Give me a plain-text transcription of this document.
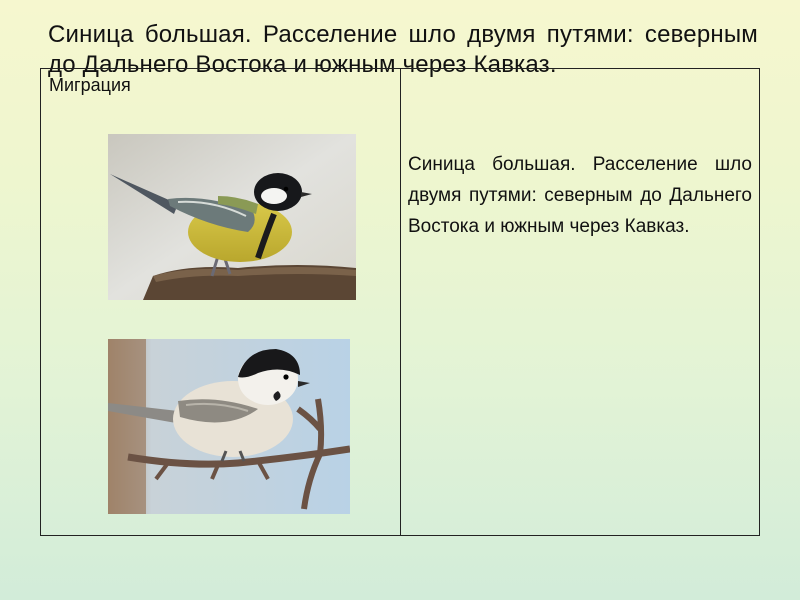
Синица большая. Расселение шло двумя путями: северным до Дальнего Востока и южным через Кавказ.
Миграция

Синица большая. Расселение шло двумя путями: северным до Дальнего Востока и южным через Кавказ.
